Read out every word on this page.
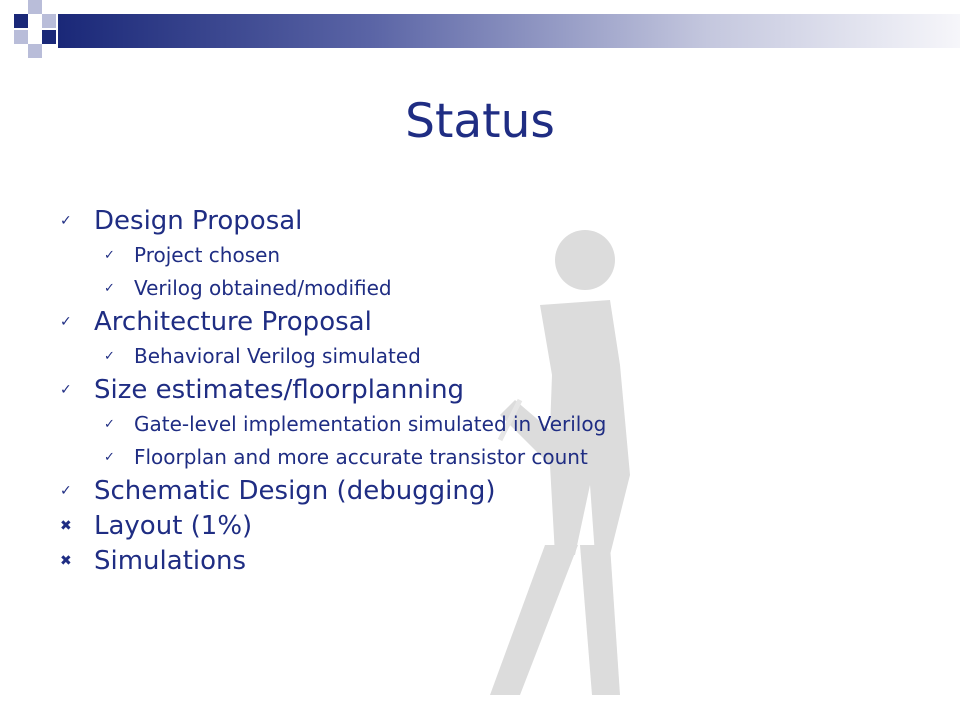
Status
✓ Design Proposal
✓ Project chosen
✓ Verilog obtained/modified
✓ Architecture Proposal
✓ Behavioral Verilog simulated
✓ Size estimates/floorplanning
✓ Gate-level implementation simulated in Verilog
✓ Floorplan and more accurate transistor count
✓ Schematic Design (debugging)
✖ Layout (1%)
✖ Simulations
